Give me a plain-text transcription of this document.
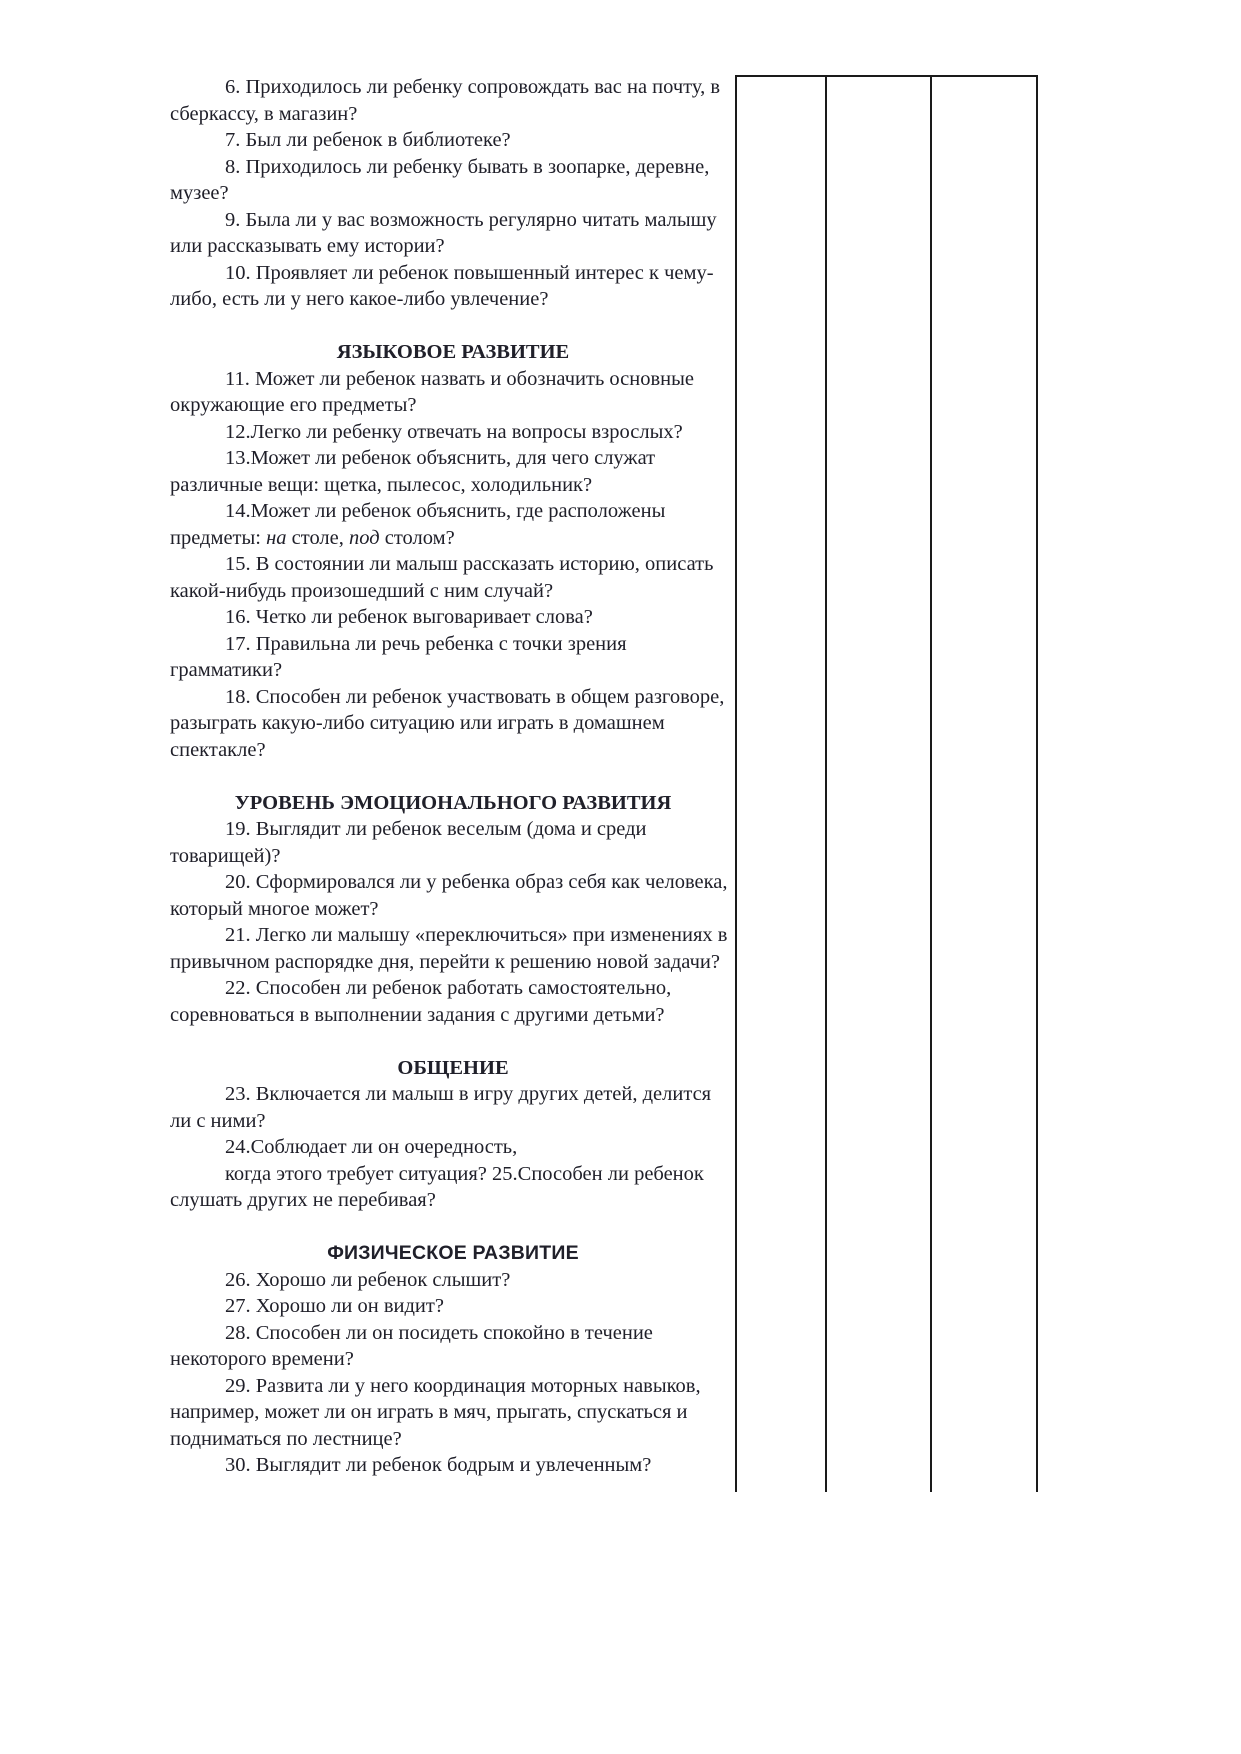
6. Приходилось ли ребенку сопровождать вас на почту, в сберкассу, в магазин?

7. Был ли ребенок в библиотеке?

8. Приходилось ли ребенку бывать в зоопарке, деревне, музее?

9. Была ли у вас возможность регулярно читать малышу или рассказывать ему истории?

10. Проявляет ли ребенок повышенный интерес к чему-либо, есть ли у него какое-либо увлечение?

ЯЗЫКОВОЕ РАЗВИТИЕ

11. Может ли ребенок назвать и обозначить основные окружающие его предметы?

12.Легко ли ребенку отвечать на вопросы взрослых?

13.Может ли ребенок объяснить, для чего служат различные вещи: щетка, пылесос, холодильник?

14.Может ли ребенок объяснить, где расположены предметы: на столе, под столом?

15. В состоянии ли малыш рассказать историю, описать какой-нибудь произошедший с ним случай?

16. Четко ли ребенок выговаривает слова?

17. Правильна ли речь ребенка с точки зрения грамматики?

18. Способен ли ребенок участвовать в общем разговоре, разыграть какую-либо ситуацию или играть в домашнем спектакле?

УРОВЕНЬ ЭМОЦИОНАЛЬНОГО РАЗВИТИЯ

19. Выглядит ли ребенок веселым (дома и среди товарищей)?

20. Сформировался ли у ребенка образ себя как человека, который многое может?

21. Легко ли малышу «переключиться» при изменениях в привычном распорядке дня, перейти к решению новой задачи?

22. Способен ли ребенок работать самостоятельно, соревноваться в выполнении задания с другими детьми?

ОБЩЕНИЕ

23. Включается ли малыш в игру других детей, делится ли с ними?

24.Соблюдает ли он очередность,

когда этого требует ситуация? 25.Способен ли ребенок слушать других не перебивая?

ФИЗИЧЕСКОЕ РАЗВИТИЕ

26. Хорошо ли ребенок слышит?

27. Хорошо ли он видит?

28. Способен ли он посидеть спокойно в течение некоторого времени?

29. Развита ли у него координация моторных навыков, например, может ли он играть в мяч, прыгать, спускаться и подниматься по лестнице?

30. Выглядит ли ребенок бодрым и увлеченным?
